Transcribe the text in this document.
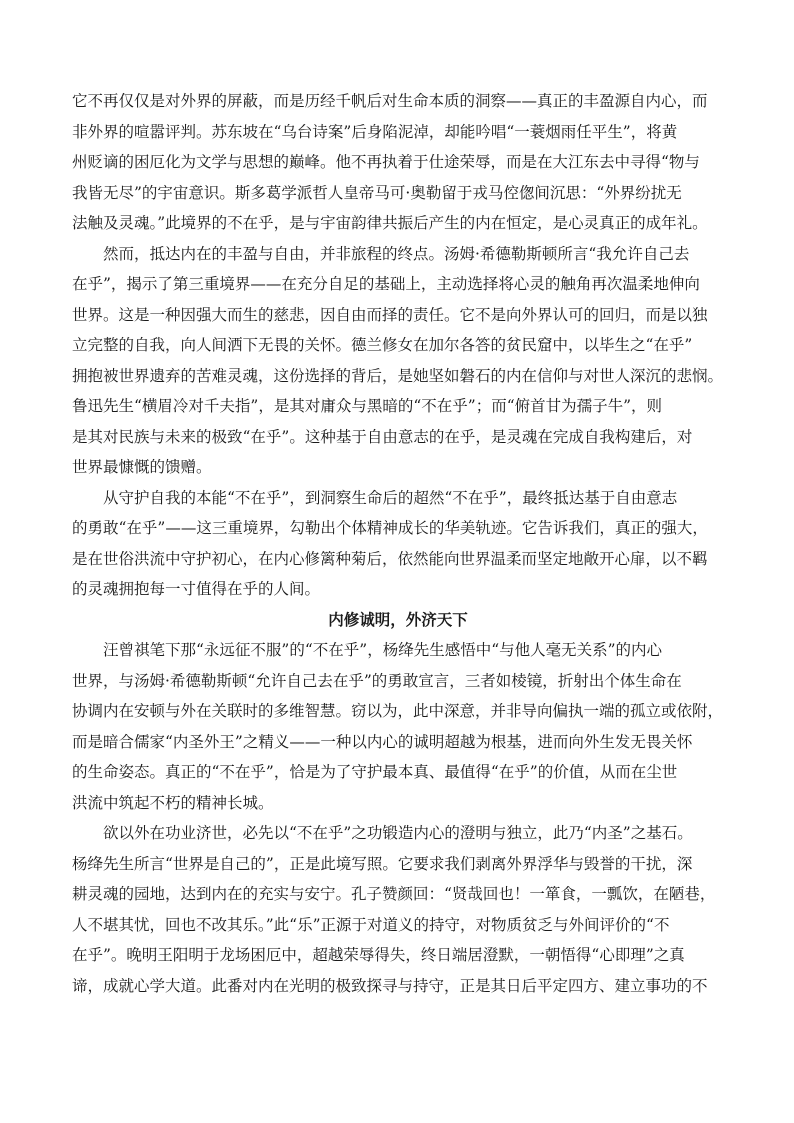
它不再仅仅是对外界的屏蔽，而是历经千帆后对生命本质的洞察——真正的丰盈源自内心，而
非外界的喧嚣评判。苏东坡在“乌台诗案”后身陷泥淖，却能吟唱“一蓑烟雨任平生”，将黄
州贬谪的困厄化为文学与思想的巅峰。他不再执着于仕途荣辱，而是在大江东去中寻得“物与
我皆无尽”的宇宙意识。斯多葛学派哲人皇帝马可·奥勒留于戎马倥偬间沉思：“外界纷扰无
法触及灵魂。”此境界的不在乎，是与宇宙韵律共振后产生的内在恒定，是心灵真正的成年礼。
然而，抵达内在的丰盈与自由，并非旅程的终点。汤姆·希德勒斯顿所言“我允许自己去
在乎”，揭示了第三重境界——在充分自足的基础上，主动选择将心灵的触角再次温柔地伸向
世界。这是一种因强大而生的慈悲，因自由而择的责任。它不是向外界认可的回归，而是以独
立完整的自我，向人间洒下无畏的关怀。德兰修女在加尔各答的贫民窟中，以毕生之“在乎”
拥抱被世界遗弃的苦难灵魂，这份选择的背后，是她坚如磐石的内在信仰与对世人深沉的悲悯。
鲁迅先生“横眉冷对千夫指”，是其对庸众与黑暗的“不在乎”；而“俯首甘为孺子牛”，则
是其对民族与未来的极致“在乎”。这种基于自由意志的在乎，是灵魂在完成自我构建后，对
世界最慷慨的馈赠。
从守护自我的本能“不在乎”，到洞察生命后的超然“不在乎”，最终抵达基于自由意志
的勇敢“在乎”——这三重境界，勾勒出个体精神成长的华美轨迹。它告诉我们，真正的强大，
是在世俗洪流中守护初心，在内心修篱种菊后，依然能向世界温柔而坚定地敞开心扉，以不羁
的灵魂拥抱每一寸值得在乎的人间。
内修诚明，外济天下
汪曾祺笔下那“永远征不服”的“不在乎”，杨绛先生感悟中“与他人毫无关系”的内心
世界，与汤姆·希德勒斯顿“允许自己去在乎”的勇敢宣言，三者如棱镜，折射出个体生命在
协调内在安顿与外在关联时的多维智慧。窃以为，此中深意，并非导向偏执一端的孤立或依附，
而是暗合儒家“内圣外王”之精义——一种以内心的诚明超越为根基，进而向外生发无畏关怀
的生命姿态。真正的“不在乎”，恰是为了守护最本真、最值得“在乎”的价值，从而在尘世
洪流中筑起不朽的精神长城。
欲以外在功业济世，必先以“不在乎”之功锻造内心的澄明与独立，此乃“内圣”之基石。
杨绛先生所言“世界是自己的”，正是此境写照。它要求我们剥离外界浮华与毁誉的干扰，深
耕灵魂的园地，达到内在的充实与安宁。孔子赞颜回：“贤哉回也！一箪食，一瓢饮，在陋巷，
人不堪其忧，回也不改其乐。”此“乐”正源于对道义的持守，对物质贫乏与外间评价的“不
在乎”。晚明王阳明于龙场困厄中，超越荣辱得失，终日端居澄默，一朝悟得“心即理”之真
谛，成就心学大道。此番对内在光明的极致探寻与持守，正是其日后平定四方、建立事功的不
